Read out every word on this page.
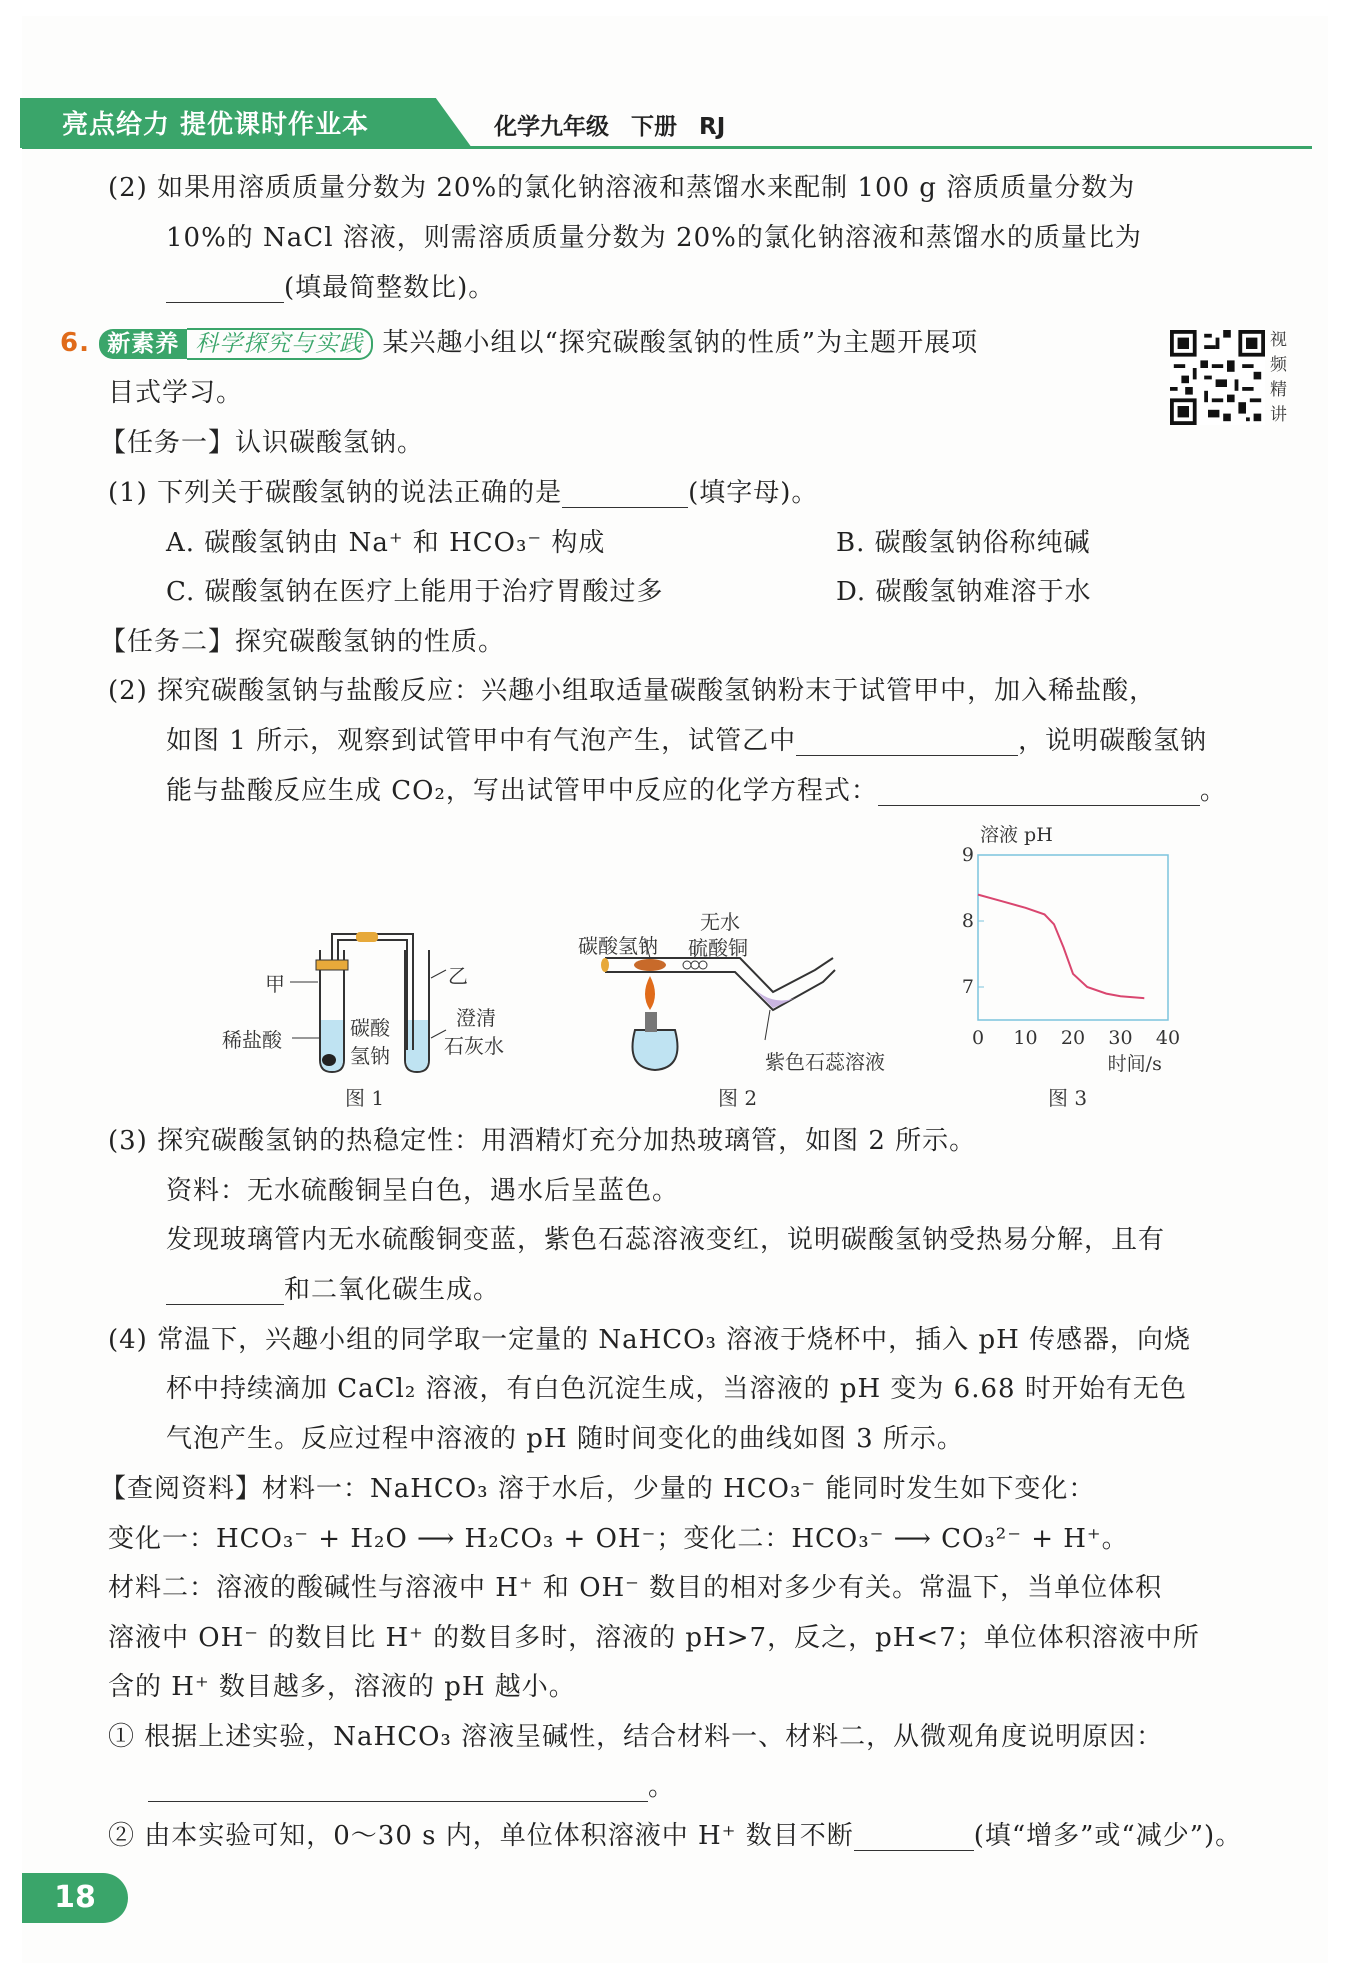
亮点给力 提优课时作业本	化学九年级 下册 RJ
(2) 如果用溶质质量分数为 20%的氯化钠溶液和蒸馏水来配制 100 g 溶质质量分数为
10%的 NaCl 溶液，则需溶质质量分数为 20%的氯化钠溶液和蒸馏水的质量比为
(填最简整数比)。
6. 新素养 科学探究与实践 某兴趣小组以“探究碳酸氢钠的性质”为主题开展项
目式学习。
视频精讲
【任务一】认识碳酸氢钠。
(1) 下列关于碳酸氢钠的说法正确的是	(填字母)。
A. 碳酸氢钠由 Na⁺ 和 HCO₃⁻ 构成	B. 碳酸氢钠俗称纯碱
C. 碳酸氢钠在医疗上能用于治疗胃酸过多	D. 碳酸氢钠难溶于水
【任务二】探究碳酸氢钠的性质。
(2) 探究碳酸氢钠与盐酸反应：兴趣小组取适量碳酸氢钠粉末于试管甲中，加入稀盐酸，
如图 1 所示，观察到试管甲中有气泡产生，试管乙中	，说明碳酸氢钠
能与盐酸反应生成 CO₂，写出试管甲中反应的化学方程式：	。
甲	乙
稀盐酸	碳酸
氢钠
澄清
石灰水
图 1
碳酸氢钠
无水
硫酸铜
紫色石蕊溶液
图 2
溶液 pH
7
8
9
0 10 20 30 40
时间/s
图 3
(3) 探究碳酸氢钠的热稳定性：用酒精灯充分加热玻璃管，如图 2 所示。
资料：无水硫酸铜呈白色，遇水后呈蓝色。
发现玻璃管内无水硫酸铜变蓝，紫色石蕊溶液变红，说明碳酸氢钠受热易分解，且有
和二氧化碳生成。
(4) 常温下，兴趣小组的同学取一定量的 NaHCO₃ 溶液于烧杯中，插入 pH 传感器，向烧
杯中持续滴加 CaCl₂ 溶液，有白色沉淀生成，当溶液的 pH 变为 6.68 时开始有无色
气泡产生。反应过程中溶液的 pH 随时间变化的曲线如图 3 所示。
【查阅资料】材料一：NaHCO₃ 溶于水后，少量的 HCO₃⁻ 能同时发生如下变化：
变化一：HCO₃⁻ + H₂O ⟶ H₂CO₃ + OH⁻；变化二：HCO₃⁻ ⟶ CO₃²⁻ + H⁺。
材料二：溶液的酸碱性与溶液中 H⁺ 和 OH⁻ 数目的相对多少有关。常温下，当单位体积
溶液中 OH⁻ 的数目比 H⁺ 的数目多时，溶液的 pH>7，反之，pH<7；单位体积溶液中所
含的 H⁺ 数目越多，溶液的 pH 越小。
① 根据上述实验，NaHCO₃ 溶液呈碱性，结合材料一、材料二，从微观角度说明原因：
。
② 由本实验可知，0～30 s 内，单位体积溶液中 H⁺ 数目不断	(填“增多”或“减少”)。
18
